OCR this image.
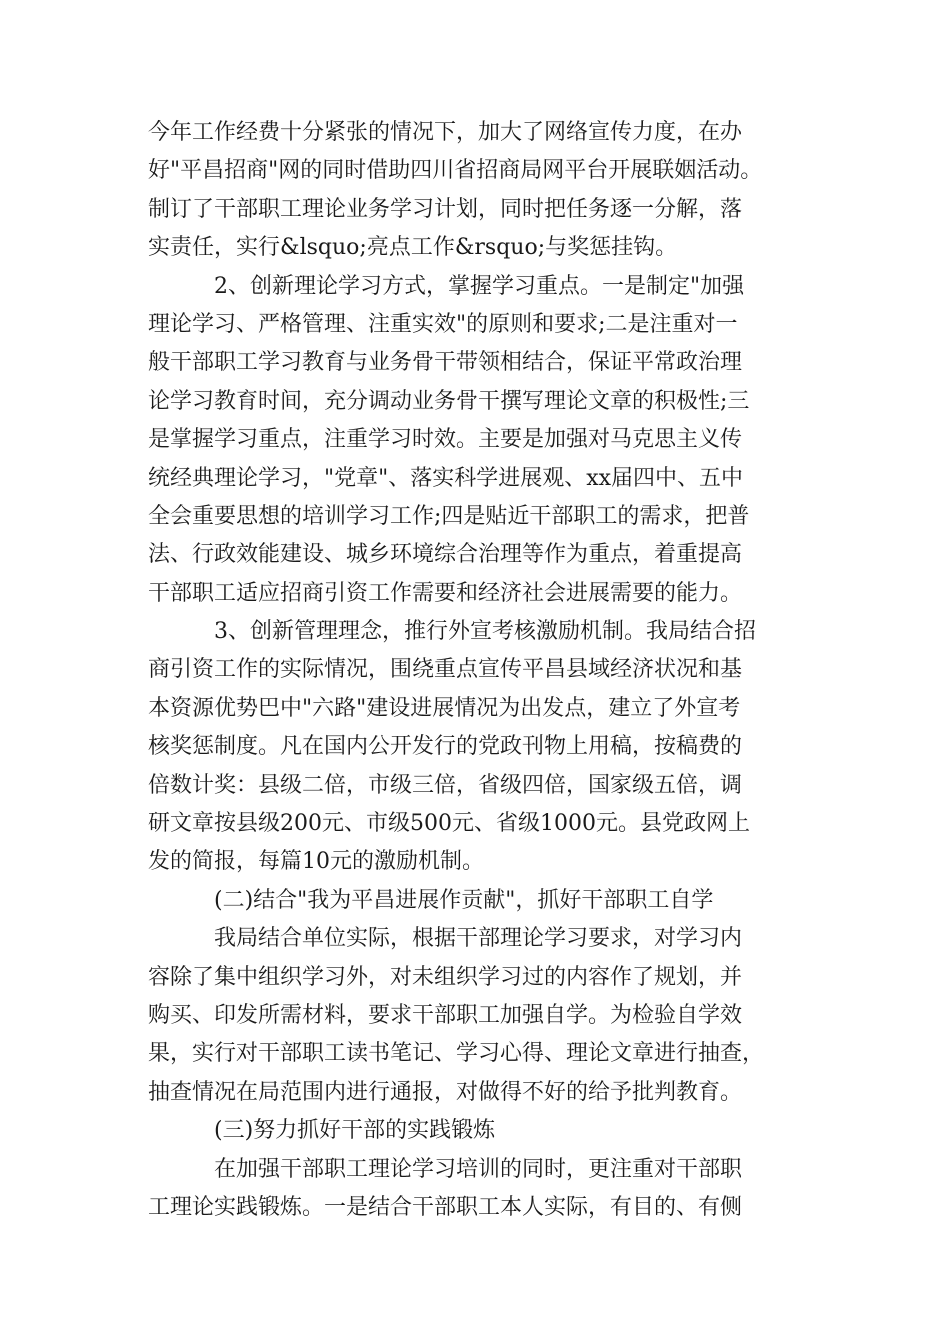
今年工作经费十分紧张的情况下，加大了网络宣传力度，在办
好"平昌招商"网的同时借助四川省招商局网平台开展联姻活动。
制订了干部职工理论业务学习计划，同时把任务逐一分解，落
实责任，实行&lsquo;亮点工作&rsquo;与奖惩挂钩。
2、创新理论学习方式，掌握学习重点。一是制定"加强
理论学习、严格管理、注重实效"的原则和要求;二是注重对一
般干部职工学习教育与业务骨干带领相结合，保证平常政治理
论学习教育时间，充分调动业务骨干撰写理论文章的积极性;三
是掌握学习重点，注重学习时效。主要是加强对马克思主义传
统经典理论学习，"党章"、落实科学进展观、xx届四中、五中
全会重要思想的培训学习工作;四是贴近干部职工的需求，把普
法、行政效能建设、城乡环境综合治理等作为重点，着重提高
干部职工适应招商引资工作需要和经济社会进展需要的能力。
3、创新管理理念，推行外宣考核激励机制。我局结合招
商引资工作的实际情况，围绕重点宣传平昌县域经济状况和基
本资源优势巴中"六路"建设进展情况为出发点，建立了外宣考
核奖惩制度。凡在国内公开发行的党政刊物上用稿，按稿费的
倍数计奖：县级二倍，市级三倍，省级四倍，国家级五倍，调
研文章按县级200元、市级500元、省级1000元。县党政网上
发的简报，每篇10元的激励机制。
(二)结合"我为平昌进展作贡献"，抓好干部职工自学
我局结合单位实际，根据干部理论学习要求，对学习内
容除了集中组织学习外，对未组织学习过的内容作了规划，并
购买、印发所需材料，要求干部职工加强自学。为检验自学效
果，实行对干部职工读书笔记、学习心得、理论文章进行抽查，
抽查情况在局范围内进行通报，对做得不好的给予批判教育。
(三)努力抓好干部的实践锻炼
在加强干部职工理论学习培训的同时，更注重对干部职
工理论实践锻炼。一是结合干部职工本人实际，有目的、有侧
